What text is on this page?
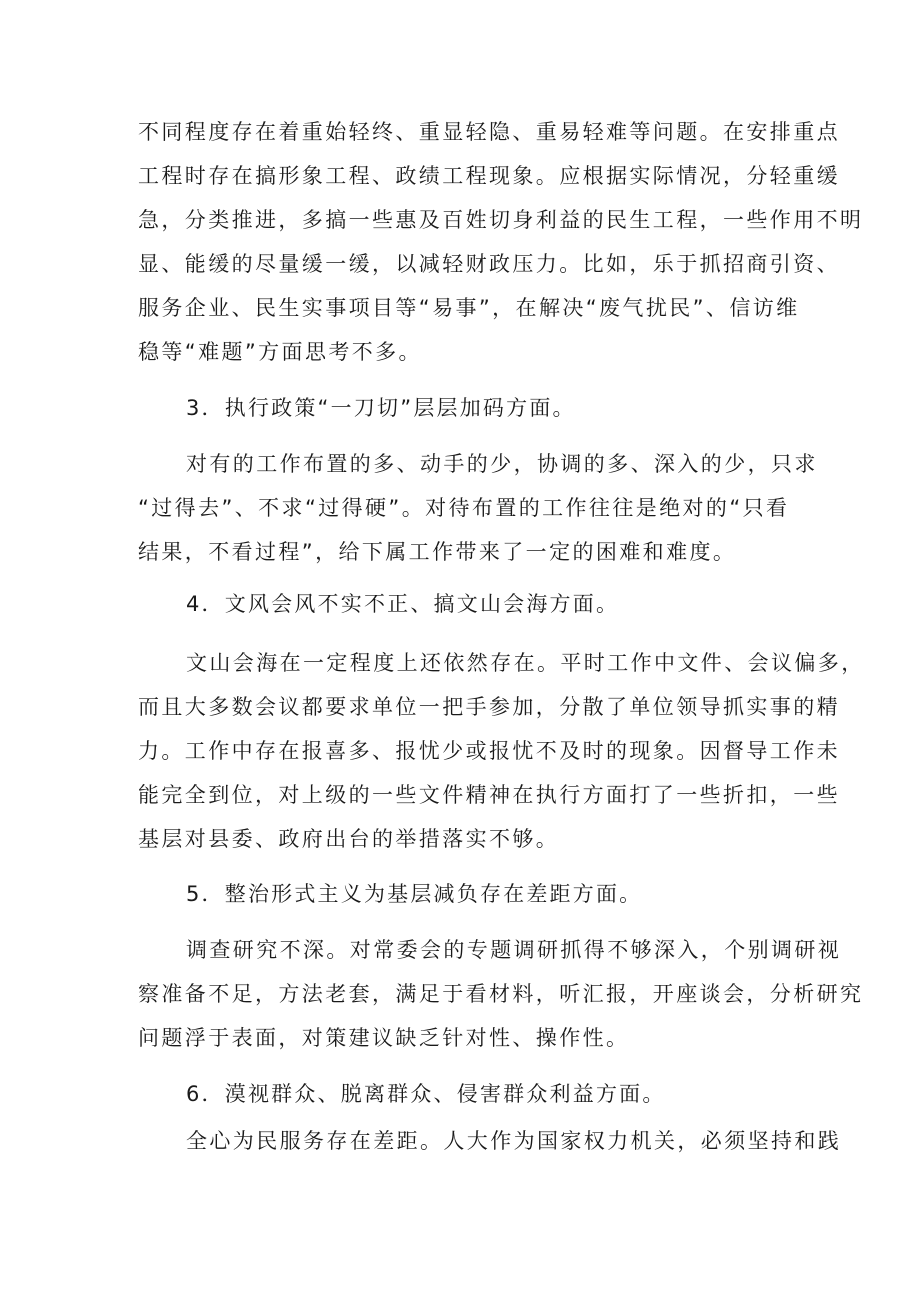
不同程度存在着重始轻终、重显轻隐、重易轻难等问题。在安排重点
工程时存在搞形象工程、政绩工程现象。应根据实际情况，分轻重缓
急，分类推进，多搞一些惠及百姓切身利益的民生工程，一些作用不明
显、能缓的尽量缓一缓，以减轻财政压力。比如，乐于抓招商引资、
服务企业、民生实事项目等“易事”，在解决“废气扰民”、信访维
稳等“难题”方面思考不多。
3．执行政策“一刀切”层层加码方面。
对有的工作布置的多、动手的少，协调的多、深入的少，只求
“过得去”、不求“过得硬”。对待布置的工作往往是绝对的“只看
结果，不看过程”，给下属工作带来了一定的困难和难度。
4．文风会风不实不正、搞文山会海方面。
文山会海在一定程度上还依然存在。平时工作中文件、会议偏多，
而且大多数会议都要求单位一把手参加，分散了单位领导抓实事的精
力。工作中存在报喜多、报忧少或报忧不及时的现象。因督导工作未
能完全到位，对上级的一些文件精神在执行方面打了一些折扣，一些
基层对县委、政府出台的举措落实不够。
5．整治形式主义为基层减负存在差距方面。
调查研究不深。对常委会的专题调研抓得不够深入，个别调研视
察准备不足，方法老套，满足于看材料，听汇报，开座谈会，分析研究
问题浮于表面，对策建议缺乏针对性、操作性。
6．漠视群众、脱离群众、侵害群众利益方面。
全心为民服务存在差距。人大作为国家权力机关，必须坚持和践
